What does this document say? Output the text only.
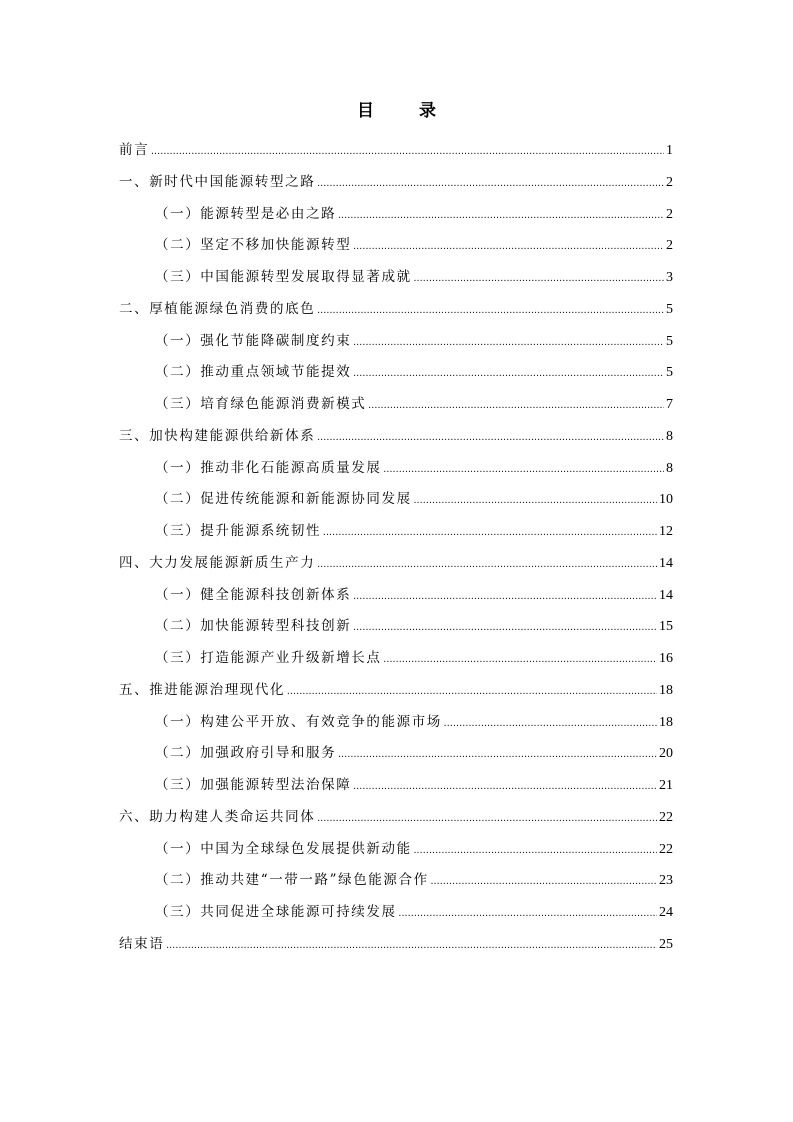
目　录
前言 .....	1
一、新时代中国能源转型之路 .....	2
（一）能源转型是必由之路 .....	2
（二）坚定不移加快能源转型 .....	2
（三）中国能源转型发展取得显著成就 .....	3
二、厚植能源绿色消费的底色 .....	5
（一）强化节能降碳制度约束 .....	5
（二）推动重点领域节能提效 .....	5
（三）培育绿色能源消费新模式 .....	7
三、加快构建能源供给新体系 .....	8
（一）推动非化石能源高质量发展 .....	8
（二）促进传统能源和新能源协同发展 .....	10
（三）提升能源系统韧性 .....	12
四、大力发展能源新质生产力 .....	14
（一）健全能源科技创新体系 .....	14
（二）加快能源转型科技创新 .....	15
（三）打造能源产业升级新增长点 .....	16
五、推进能源治理现代化 .....	18
（一）构建公平开放、有效竞争的能源市场 .....	18
（二）加强政府引导和服务 .....	20
（三）加强能源转型法治保障 .....	21
六、助力构建人类命运共同体 .....	22
（一）中国为全球绿色发展提供新动能 .....	22
（二）推动共建“一带一路”绿色能源合作 .....	23
（三）共同促进全球能源可持续发展 .....	24
结束语 .....	25
